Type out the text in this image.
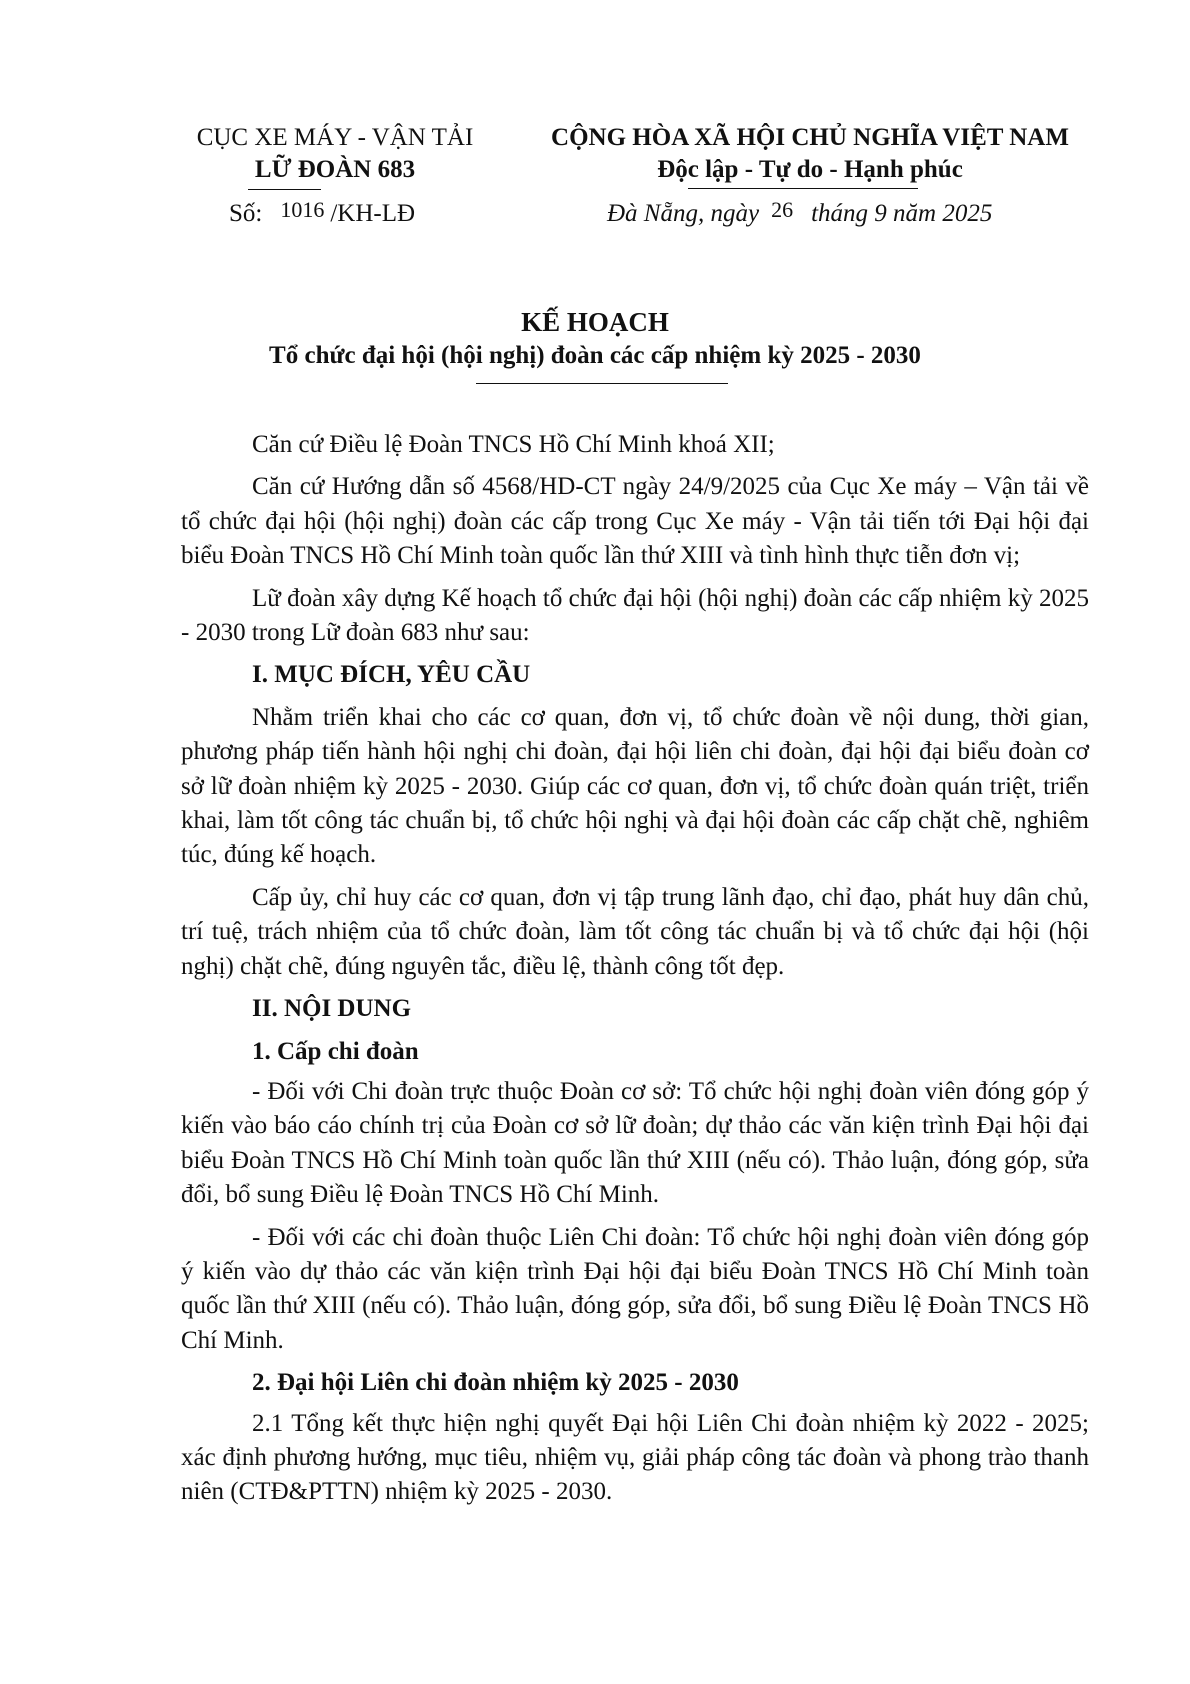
CỤC XE MÁY - VẬN TẢI
LỮ ĐOÀN 683
CỘNG HÒA XÃ HỘI CHỦ NGHĨA VIỆT NAM
Độc lập - Tự do - Hạnh phúc
Số: 1016 /KH-LĐ	Đà Nẵng, ngày 26 tháng 9 năm 2025
KẾ HOẠCH
Tổ chức đại hội (hội nghị) đoàn các cấp nhiệm kỳ 2025 - 2030

Căn cứ Điều lệ Đoàn TNCS Hồ Chí Minh khoá XII;

Căn cứ Hướng dẫn số 4568/HD-CT ngày 24/9/2025 của Cục Xe máy – Vận tải về tổ chức đại hội (hội nghị) đoàn các cấp trong Cục Xe máy - Vận tải tiến tới Đại hội đại biểu Đoàn TNCS Hồ Chí Minh toàn quốc lần thứ XIII và tình hình thực tiễn đơn vị;

Lữ đoàn xây dựng Kế hoạch tổ chức đại hội (hội nghị) đoàn các cấp nhiệm kỳ 2025 - 2030 trong Lữ đoàn 683 như sau:

I. MỤC ĐÍCH, YÊU CẦU

Nhằm triển khai cho các cơ quan, đơn vị, tổ chức đoàn về nội dung, thời gian, phương pháp tiến hành hội nghị chi đoàn, đại hội liên chi đoàn, đại hội đại biểu đoàn cơ sở lữ đoàn nhiệm kỳ 2025 - 2030. Giúp các cơ quan, đơn vị, tổ chức đoàn quán triệt, triển khai, làm tốt công tác chuẩn bị, tổ chức hội nghị và đại hội đoàn các cấp chặt chẽ, nghiêm túc, đúng kế hoạch.

Cấp ủy, chỉ huy các cơ quan, đơn vị tập trung lãnh đạo, chỉ đạo, phát huy dân chủ, trí tuệ, trách nhiệm của tổ chức đoàn, làm tốt công tác chuẩn bị và tổ chức đại hội (hội nghị) chặt chẽ, đúng nguyên tắc, điều lệ, thành công tốt đẹp.

II. NỘI DUNG
1. Cấp chi đoàn

- Đối với Chi đoàn trực thuộc Đoàn cơ sở: Tổ chức hội nghị đoàn viên đóng góp ý kiến vào báo cáo chính trị của Đoàn cơ sở lữ đoàn; dự thảo các văn kiện trình Đại hội đại biểu Đoàn TNCS Hồ Chí Minh toàn quốc lần thứ XIII (nếu có). Thảo luận, đóng góp, sửa đổi, bổ sung Điều lệ Đoàn TNCS Hồ Chí Minh.

- Đối với các chi đoàn thuộc Liên Chi đoàn: Tổ chức hội nghị đoàn viên đóng góp ý kiến vào dự thảo các văn kiện trình Đại hội đại biểu Đoàn TNCS Hồ Chí Minh toàn quốc lần thứ XIII (nếu có). Thảo luận, đóng góp, sửa đổi, bổ sung Điều lệ Đoàn TNCS Hồ Chí Minh.

2. Đại hội Liên chi đoàn nhiệm kỳ 2025 - 2030

2.1 Tổng kết thực hiện nghị quyết Đại hội Liên Chi đoàn nhiệm kỳ 2022 - 2025; xác định phương hướng, mục tiêu, nhiệm vụ, giải pháp công tác đoàn và phong trào thanh niên (CTĐ&PTTN) nhiệm kỳ 2025 - 2030.
